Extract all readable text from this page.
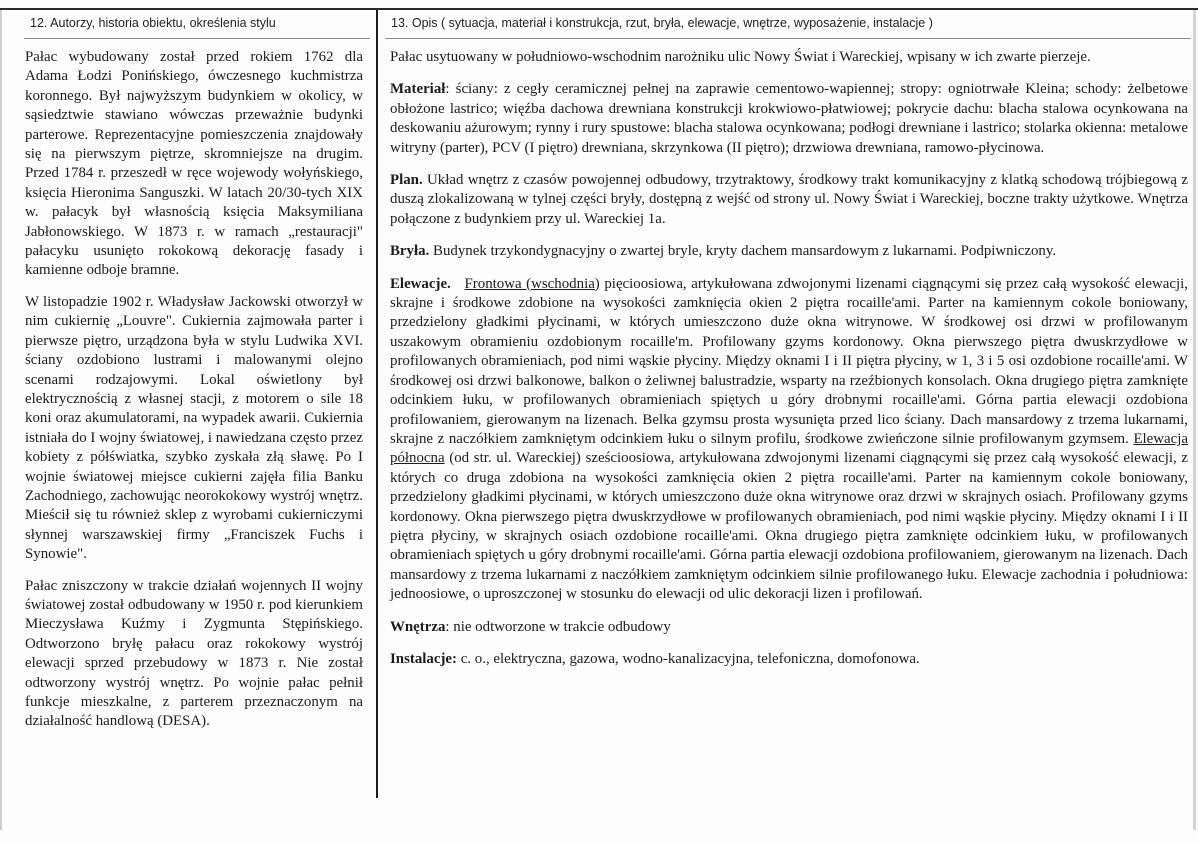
12. Autorzy, historia obiektu, określenia stylu	13. Opis ( sytuacja, materiał i konstrukcja, rzut, bryła, elewacje, wnętrze, wyposażenie, instalacje )

Pałac wybudowany został przed rokiem 1762 dla Adama Łodzi Ponińskiego, ówczesnego kuchmistrza koronnego. Był najwyższym budynkiem w okolicy, w sąsiedztwie stawiano wówczas przeważnie budynki parterowe. Reprezentacyjne pomieszczenia znajdowały się na pierwszym piętrze, skromniejsze na drugim. Przed 1784 r. przeszedł w ręce wojewody wołyńskiego, księcia Hieronima Sanguszki. W latach 20/30-tych XIX w. pałacyk był własnością księcia Maksymiliana Jabłonowskiego. W 1873 r. w ramach „restauracji" pałacyku usunięto rokokową dekorację fasady i kamienne odboje bramne.

W listopadzie 1902 r. Władysław Jackowski otworzył w nim cukiernię „Louvre". Cukiernia zajmowała parter i pierwsze piętro, urządzona była w stylu Ludwika XVI. ściany ozdobiono lustrami i malowanymi olejno scenami rodzajowymi. Lokal oświetlony był elektrycznością z własnej stacji, z motorem o sile 18 koni oraz akumulatorami, na wypadek awarii. Cukiernia istniała do I wojny światowej, i nawiedzana często przez kobiety z półświatka, szybko zyskała złą sławę. Po I wojnie światowej miejsce cukierni zajęła filia Banku Zachodniego, zachowując neorokokowy wystrój wnętrz. Mieścił się tu również sklep z wyrobami cukierniczymi słynnej warszawskiej firmy „Franciszek Fuchs i Synowie".

Pałac zniszczony w trakcie działań wojennych II wojny światowej został odbudowany w 1950 r. pod kierunkiem Mieczysława Kuźmy i Zygmunta Stępińskiego. Odtworzono bryłę pałacu oraz rokokowy wystrój elewacji sprzed przebudowy w 1873 r. Nie został odtworzony wystrój wnętrz. Po wojnie pałac pełnił funkcje mieszkalne, z parterem przeznaczonym na działalność handlową (DESA).

Pałac usytuowany w południowo-wschodnim narożniku ulic Nowy Świat i Wareckiej, wpisany w ich zwarte pierzeje.

Materiał: ściany: z cegły ceramicznej pełnej na zaprawie cementowo-wapiennej; stropy: ogniotrwałe Kleina; schody: żelbetowe obłożone lastrico; więźba dachowa drewniana konstrukcji krokwiowo-płatwiowej; pokrycie dachu: blacha stalowa ocynkowana na deskowaniu ażurowym; rynny i rury spustowe: blacha stalowa ocynkowana; podłogi drewniane i lastrico; stolarka okienna: metalowe witryny (parter), PCV (I piętro) drewniana, skrzynkowa (II piętro); drzwiowa drewniana, ramowo-płycinowa.

Plan. Układ wnętrz z czasów powojennej odbudowy, trzytraktowy, środkowy trakt komunikacyjny z klatką schodową trójbiegową z duszą zlokalizowaną w tylnej części bryły, dostępną z wejść od strony ul. Nowy Świat i Wareckiej, boczne trakty użytkowe. Wnętrza połączone z budynkiem przy ul. Wareckiej 1a.

Bryła. Budynek trzykondygnacyjny o zwartej bryle, kryty dachem mansardowym z lukarnami. Podpiwniczony.

Elewacje. Frontowa (wschodnia) pięcioosiowa, artykułowana zdwojonymi lizenami ciągnącymi się przez całą wysokość elewacji, skrajne i środkowe zdobione na wysokości zamknięcia okien 2 piętra rocaille'ami. Parter na kamiennym cokole boniowany, przedzielony gładkimi płycinami, w których umieszczono duże okna witrynowe. W środkowej osi drzwi w profilowanym uszakowym obramieniu ozdobionym rocaille'm. Profilowany gzyms kordonowy. Okna pierwszego piętra dwuskrzydłowe w profilowanych obramieniach, pod nimi wąskie płyciny. Między oknami I i II piętra płyciny, w 1, 3 i 5 osi ozdobione rocaille'ami. W środkowej osi drzwi balkonowe, balkon o żeliwnej balustradzie, wsparty na rzeźbionych konsolach. Okna drugiego piętra zamknięte odcinkiem łuku, w profilowanych obramieniach spiętych u góry drobnymi rocaille'ami. Górna partia elewacji ozdobiona profilowaniem, gierowanym na lizenach. Belka gzymsu prosta wysunięta przed lico ściany. Dach mansardowy z trzema lukarnami, skrajne z naczółkiem zamkniętym odcinkiem łuku o silnym profilu, środkowe zwieńczone silnie profilowanym gzymsem. Elewacja północna (od str. ul. Wareckiej) sześcioosiowa, artykułowana zdwojonymi lizenami ciągnącymi się przez całą wysokość elewacji, z których co druga zdobiona na wysokości zamknięcia okien 2 piętra rocaille'ami. Parter na kamiennym cokole boniowany, przedzielony gładkimi płycinami, w których umieszczono duże okna witrynowe oraz drzwi w skrajnych osiach. Profilowany gzyms kordonowy. Okna pierwszego piętra dwuskrzydłowe w profilowanych obramieniach, pod nimi wąskie płyciny. Między oknami I i II piętra płyciny, w skrajnych osiach ozdobione rocaille'ami. Okna drugiego piętra zamknięte odcinkiem łuku, w profilowanych obramieniach spiętych u góry drobnymi rocaille'ami. Górna partia elewacji ozdobiona profilowaniem, gierowanym na lizenach. Dach mansardowy z trzema lukarnami z naczółkiem zamkniętym odcinkiem silnie profilowanego łuku. Elewacje zachodnia i południowa: jednoosiowe, o uproszczonej w stosunku do elewacji od ulic dekoracji lizen i profilowań.

Wnętrza: nie odtworzone w trakcie odbudowy

Instalacje: c. o., elektryczna, gazowa, wodno-kanalizacyjna, telefoniczna, domofonowa.
